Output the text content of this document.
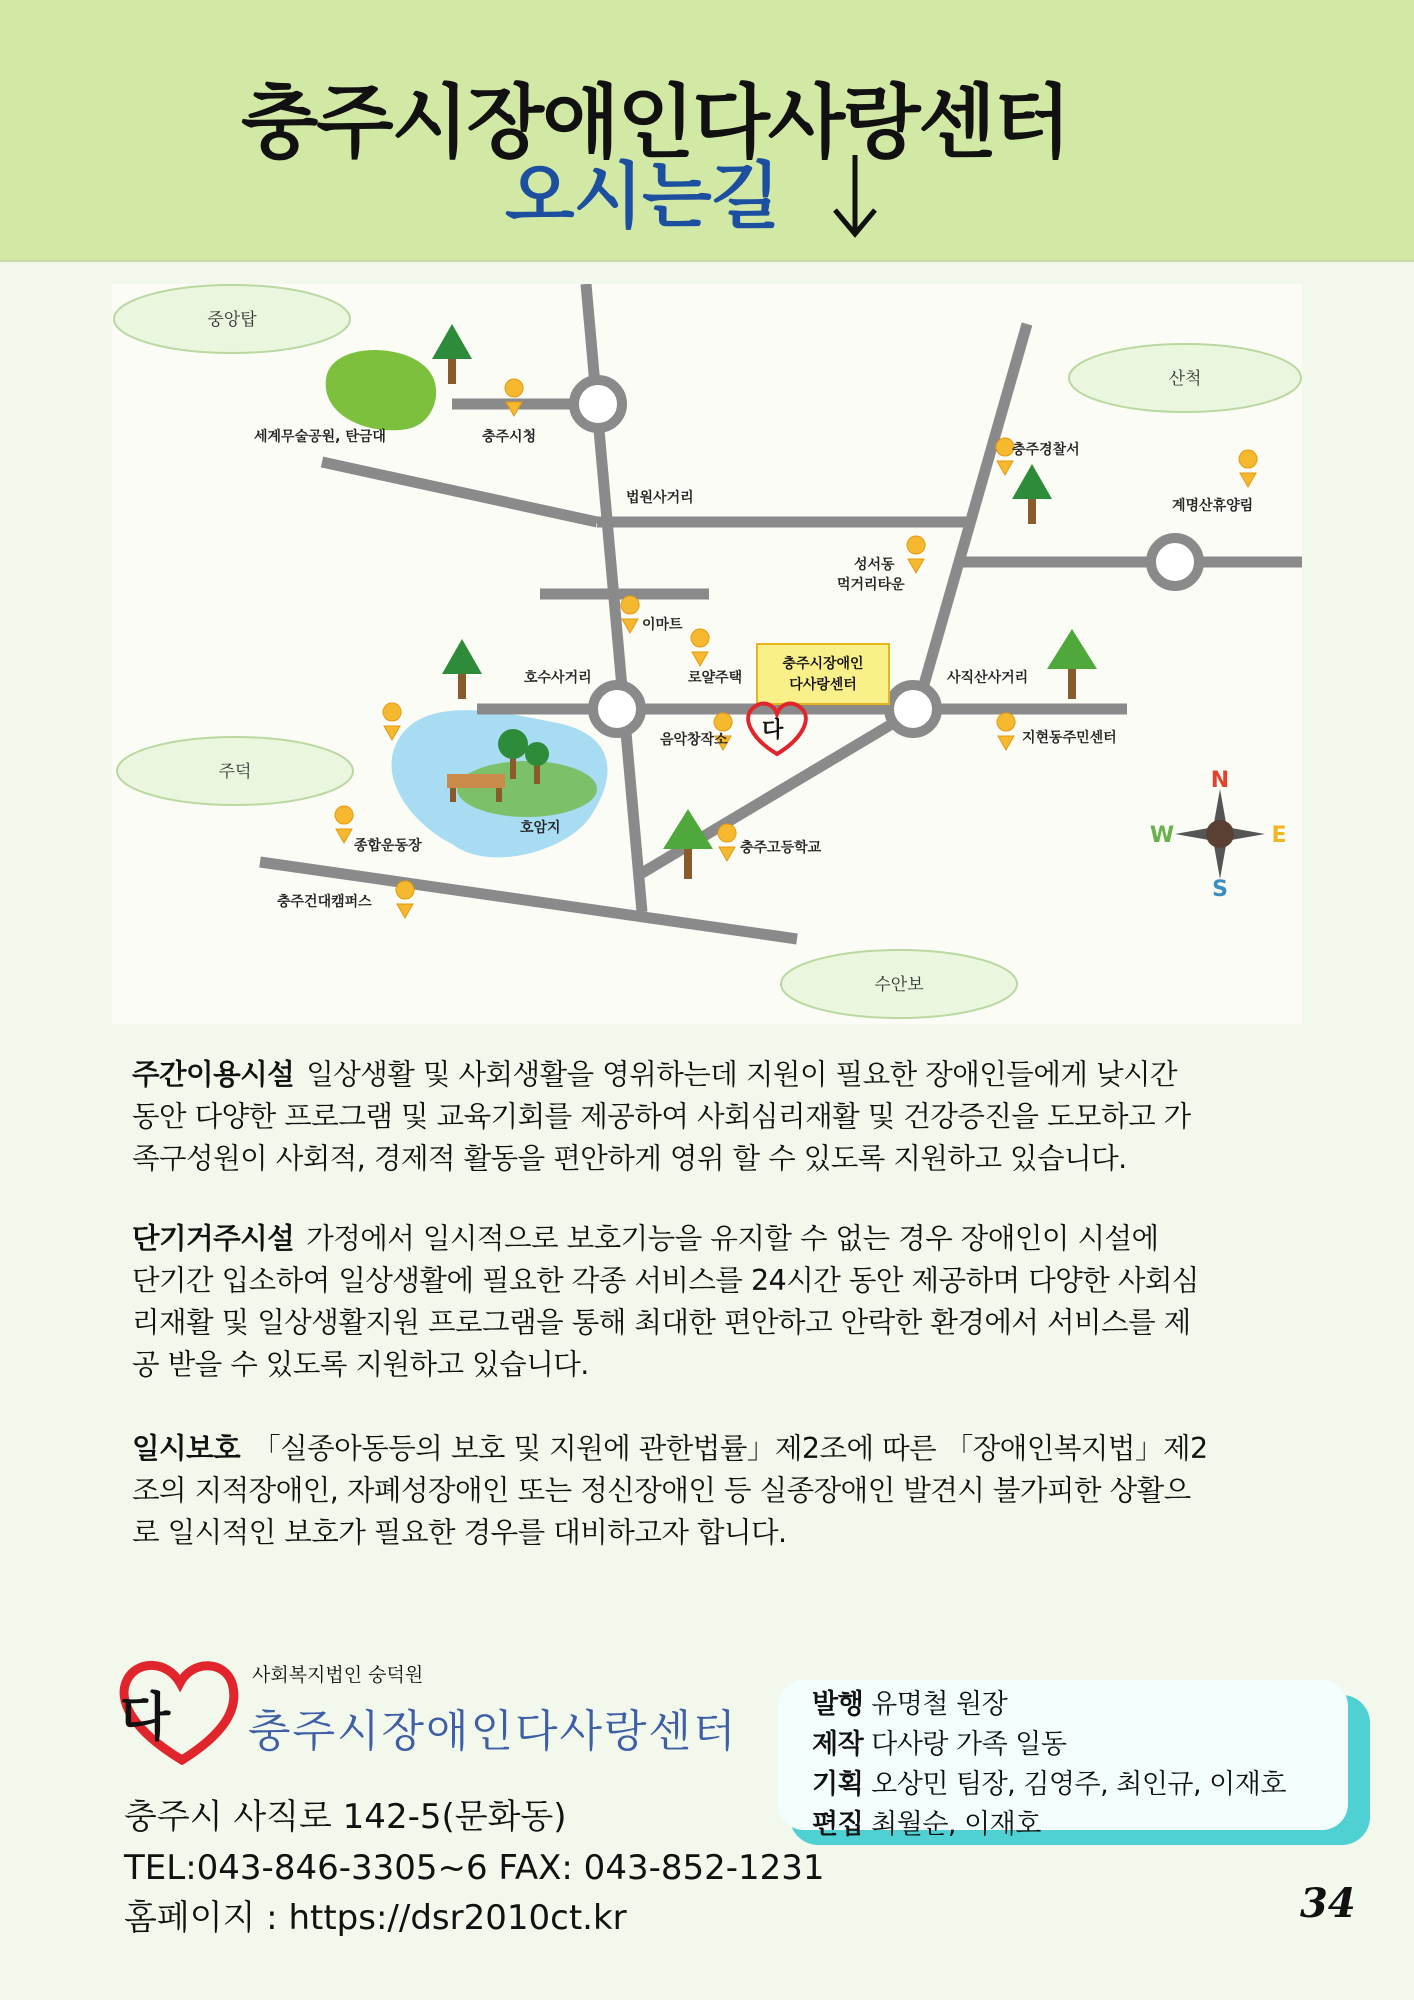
충주시장애인다사랑센터
오시는길
다
중앙탑
산척
주덕
수안보
세계무술공원, 탄금대	충주시청
충주경찰서
계명산휴양림
법원사거리
성서동
먹거리타운
이마트
호수사거리	로얄주택
충주시장애인
다사랑센터	사직산사거리
음악창작소	지현동주민센터
종합운동장
호암지
충주고등학교
충주건대캠퍼스
N
E
W
S
주간이용시설 일상생활 및 사회생활을 영위하는데 지원이 필요한 장애인들에게 낮시간
동안 다양한 프로그램 및 교육기회를 제공하여 사회심리재활 및 건강증진을 도모하고 가
족구성원이 사회적, 경제적 활동을 편안하게 영위 할 수 있도록 지원하고 있습니다.
단기거주시설 가정에서 일시적으로 보호기능을 유지할 수 없는 경우 장애인이 시설에
단기간 입소하여 일상생활에 필요한 각종 서비스를 24시간 동안 제공하며 다양한 사회심
리재활 및 일상생활지원 프로그램을 통해 최대한 편안하고 안락한 환경에서 서비스를 제
공 받을 수 있도록 지원하고 있습니다.
일시보호 「실종아동등의 보호 및 지원에 관한법률」제2조에 따른 「장애인복지법」제2
조의 지적장애인, 자폐성장애인 또는 정신장애인 등 실종장애인 발견시 불가피한 상활으
로 일시적인 보호가 필요한 경우를 대비하고자 합니다.
다
사회복지법인 숭덕원
충주시장애인다사랑센터
충주시 사직로 142-5(문화동)
TEL:043-846-3305~6 FAX: 043-852-1231
홈페이지 : https://dsr2010ct.kr
발행 유명철 원장
제작 다사랑 가족 일동
기획 오상민 팀장, 김영주, 최인규, 이재호
편집 최월순, 이재호
34
